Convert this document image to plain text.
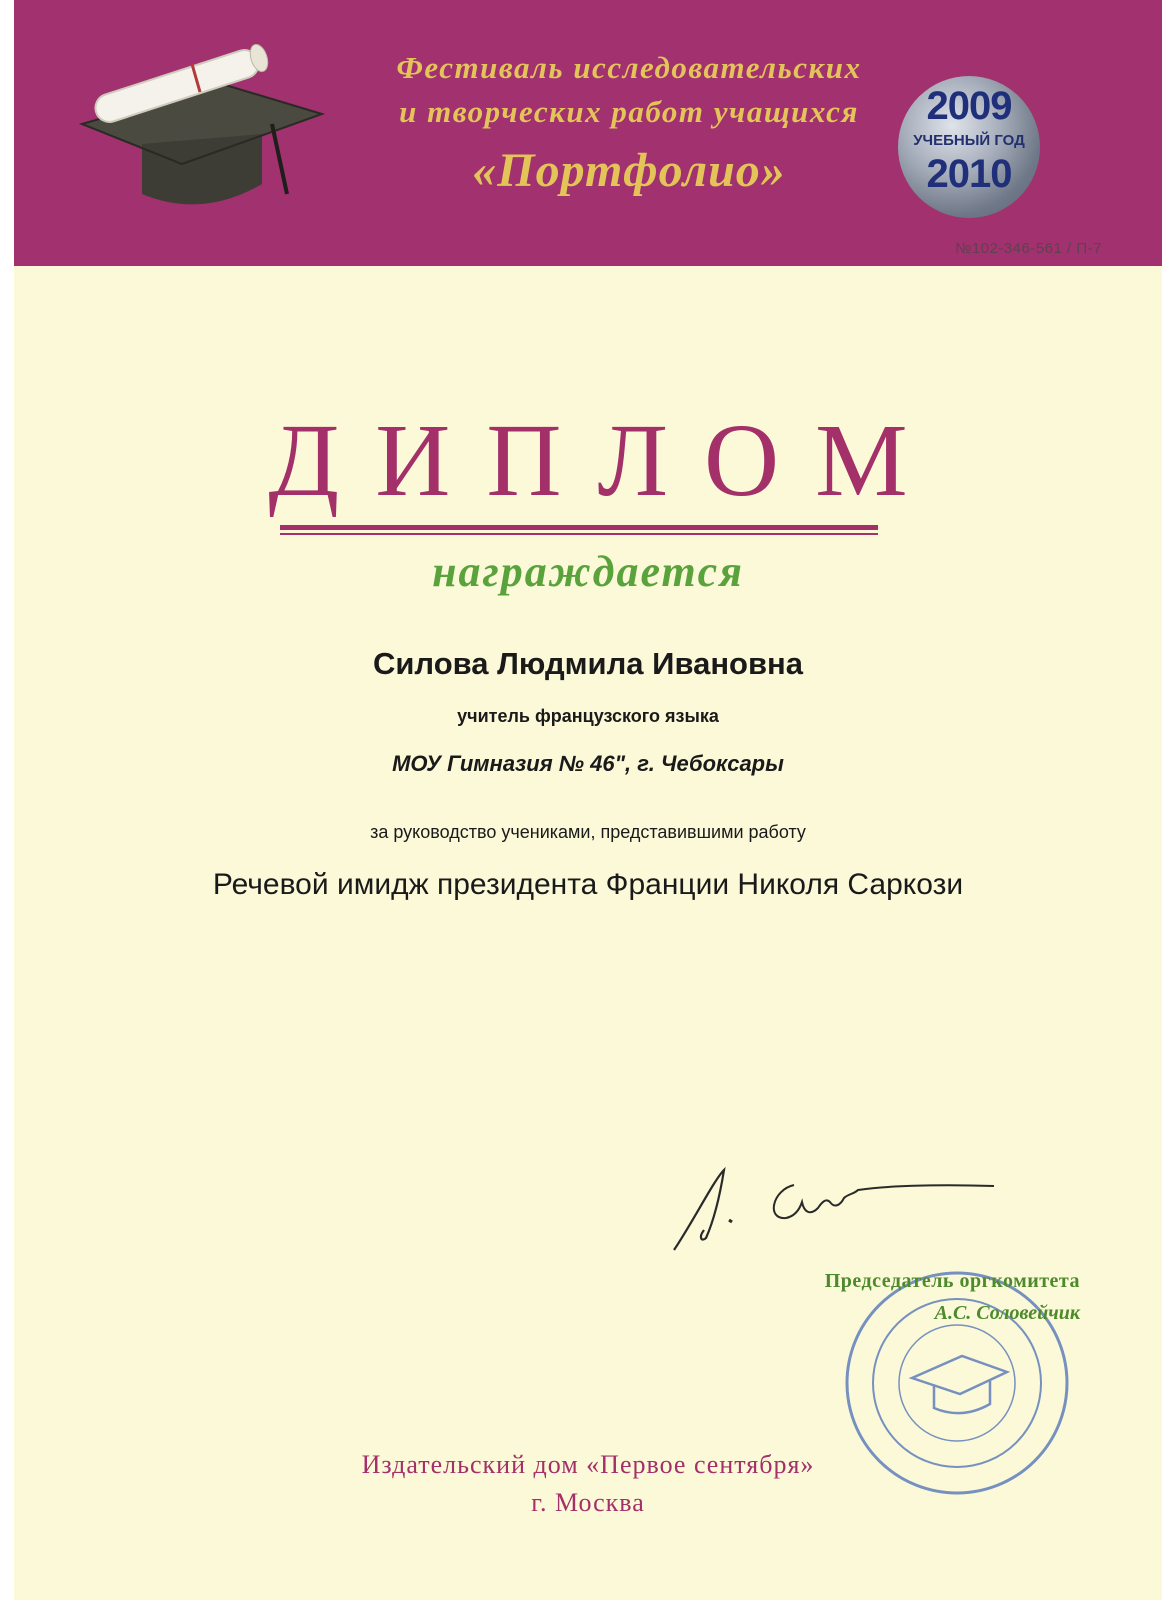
Фестиваль исследовательских
и творческих работ учащихся
«Портфолио»
2009
УЧЕБНЫЙ ГОД
2010
№102-346-561 / П-7
ДИПЛОМ
награждается
Силова Людмила Ивановна
учитель французского языка
МОУ Гимназия № 46", г. Чебоксары
за руководство учениками, представившими работу
Речевой имидж президента Франции Николя Саркози
Председатель оргкомитета
А.С. Соловейчик
Издательский дом «Первое сентября»
г. Москва
